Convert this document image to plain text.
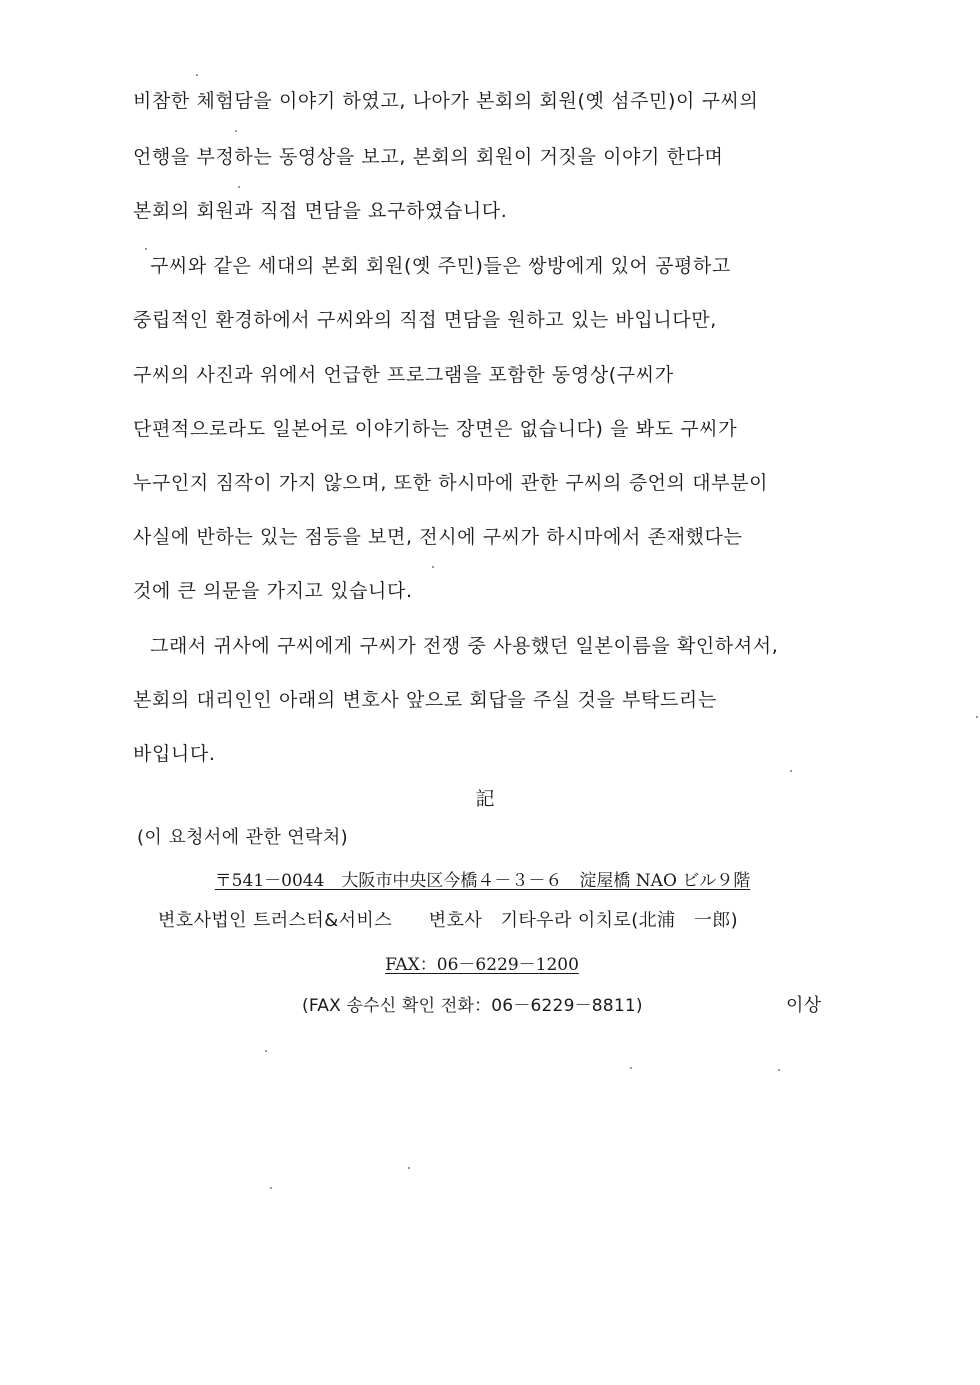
비참한 체험담을 이야기 하였고, 나아가 본회의 회원(옛 섬주민)이 구씨의
언행을 부정하는 동영상을 보고, 본회의 회원이 거짓을 이야기 한다며
본회의 회원과 직접 면담을 요구하였습니다.
구씨와 같은 세대의 본회 회원(옛 주민)들은 쌍방에게 있어 공평하고
중립적인 환경하에서 구씨와의 직접 면담을 원하고 있는 바입니다만,
구씨의 사진과 위에서 언급한 프로그램을 포함한 동영상(구씨가
단편적으로라도 일본어로 이야기하는 장면은 없습니다) 을 봐도 구씨가
누구인지 짐작이 가지 않으며, 또한 하시마에 관한 구씨의 증언의 대부분이
사실에 반하는 있는 점등을 보면, 전시에 구씨가 하시마에서 존재했다는
것에 큰 의문을 가지고 있습니다.
그래서 귀사에 구씨에게 구씨가 전쟁 중 사용했던 일본이름을 확인하셔서,
본회의 대리인인 아래의 변호사 앞으로 회답을 주실 것을 부탁드리는
바입니다.
記
(이 요청서에 관한 연락처)
〒541－0044　大阪市中央区今橋４－３－６　淀屋橋 NAO ビル９階
변호사법인 트러스터&서비스　　변호사　기타우라 이치로(北浦　一郎)
FAX：06－6229－1200
(FAX 송수신 확인 전화：06－6229－8811)	이상
